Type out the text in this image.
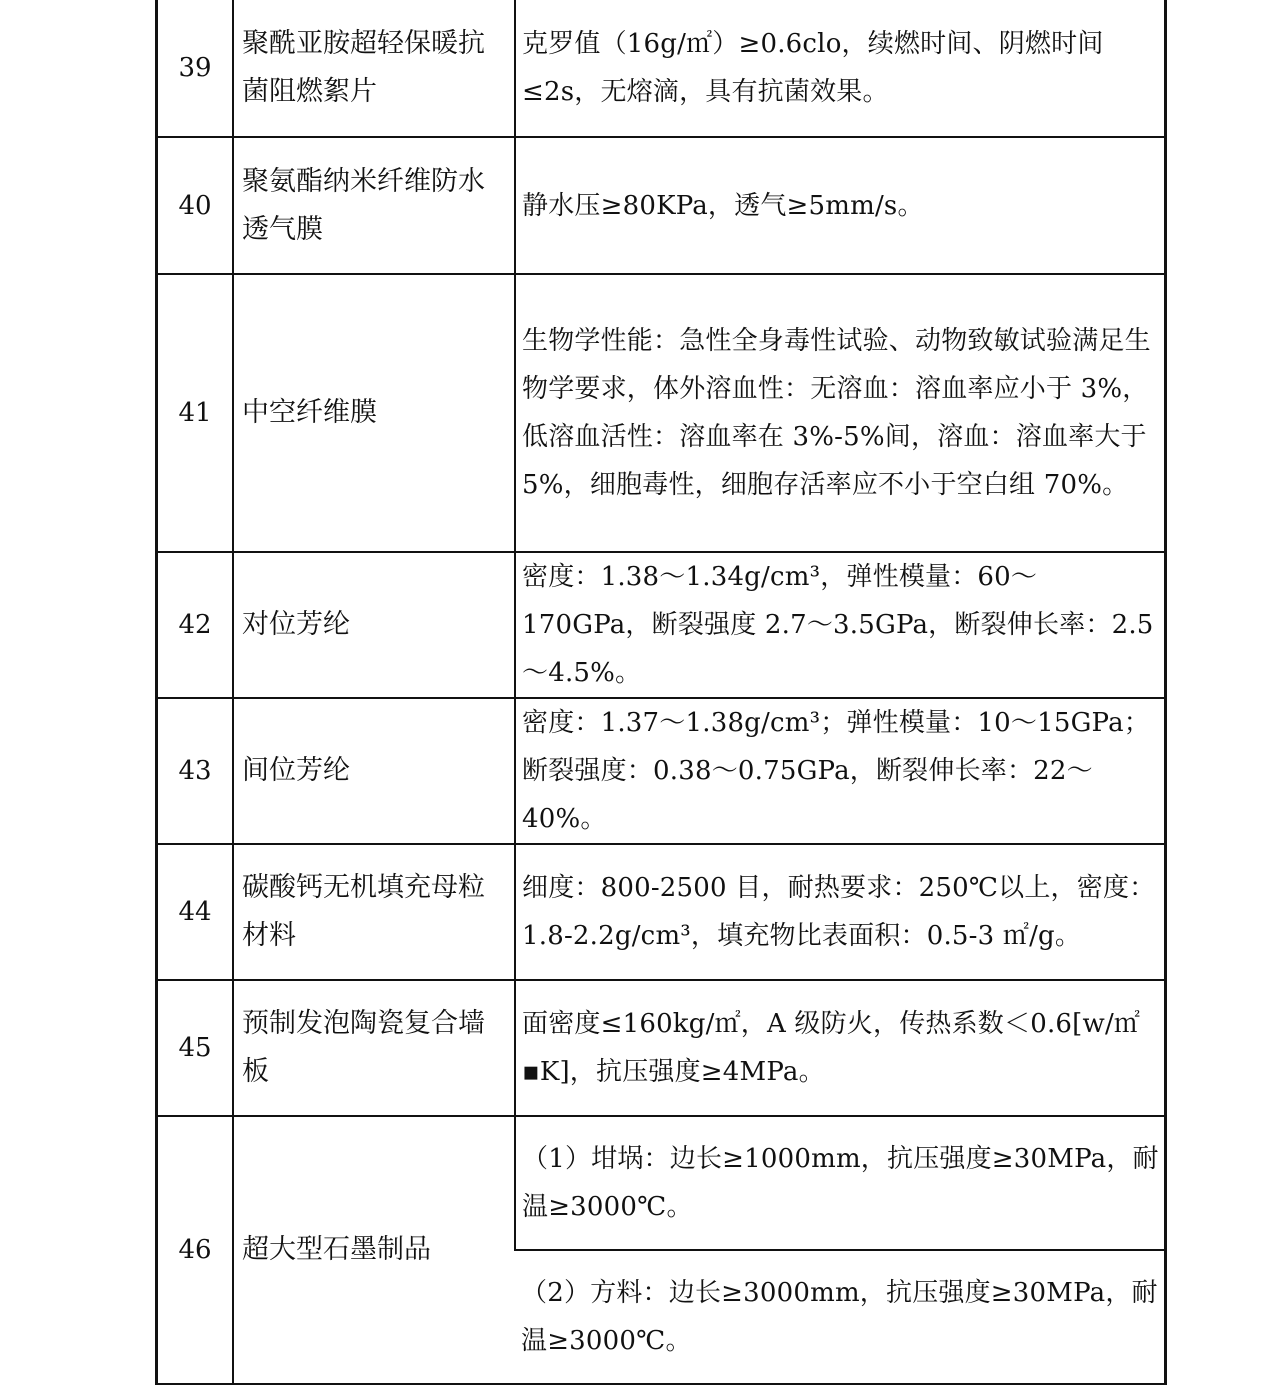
39	聚酰亚胺超轻保暖抗菌阻燃絮片	克罗值（16g/㎡）≥0.6clo，续燃时间、阴燃时间≤2s，无熔滴，具有抗菌效果。
40	聚氨酯纳米纤维防水透气膜	静水压≥80KPa，透气≥5mm/s。
41	中空纤维膜	生物学性能：急性全身毒性试验、动物致敏试验满足生物学要求，体外溶血性：无溶血：溶血率应小于 3%，低溶血活性：溶血率在 3%-5%间，溶血：溶血率大于 5%，细胞毒性，细胞存活率应不小于空白组 70%。
42	对位芳纶	密度：1.38～1.34g/cm³，弹性模量：60～170GPa，断裂强度 2.7～3.5GPa，断裂伸长率：2.5～4.5%。
43	间位芳纶	密度：1.37～1.38g/cm³；弹性模量：10～15GPa；断裂强度：0.38～0.75GPa，断裂伸长率：22～40%。
44	碳酸钙无机填充母粒材料	细度：800-2500 目，耐热要求：250℃以上，密度：1.8-2.2g/cm³，填充物比表面积：0.5-3 ㎡/g。
45	预制发泡陶瓷复合墙板	面密度≤160kg/㎡，A 级防火，传热系数＜0.6[w/㎡▪K]，抗压强度≥4MPa。
46	超大型石墨制品	（1）坩埚：边长≥1000mm，抗压强度≥30MPa，耐温≥3000℃。
		（2）方料：边长≥3000mm，抗压强度≥30MPa，耐温≥3000℃。
